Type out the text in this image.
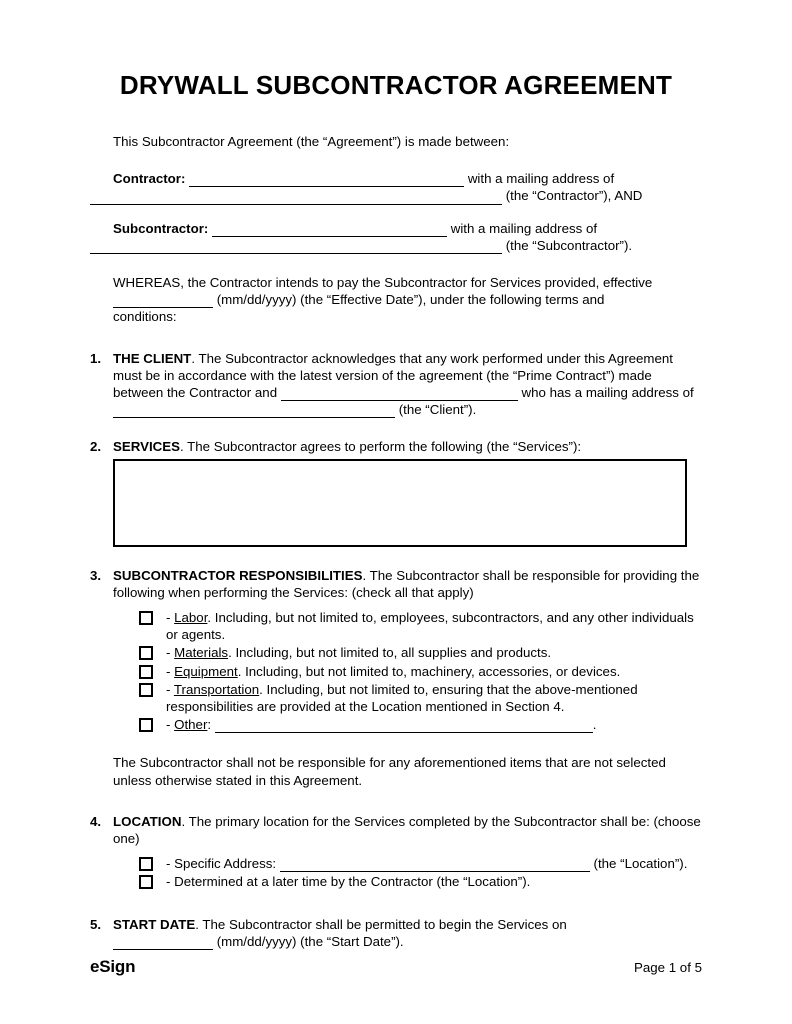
DRYWALL SUBCONTRACTOR AGREEMENT
This Subcontractor Agreement (the “Agreement”) is made between:
Contractor:	with a mailing address of
(the “Contractor”), AND
Subcontractor:	with a mailing address of
(the “Subcontractor”).
WHEREAS, the Contractor intends to pay the Subcontractor for Services provided, effective
(mm/dd/yyyy) (the “Effective Date”), under the following terms and
conditions:
1. THE CLIENT. The Subcontractor acknowledges that any work performed under this Agreement must be in accordance with the latest version of the agreement (the “Prime Contract”) made between the Contractor and	who has a mailing address of  (the “Client”).
2. SERVICES. The Subcontractor agrees to perform the following (the “Services”):
3. SUBCONTRACTOR RESPONSIBILITIES. The Subcontractor shall be responsible for providing the following when performing the Services: (check all that apply)
- Labor. Including, but not limited to, employees, subcontractors, and any other individuals or agents.
- Materials. Including, but not limited to, all supplies and products.
- Equipment. Including, but not limited to, machinery, accessories, or devices.
- Transportation. Including, but not limited to, ensuring that the above-mentioned responsibilities are provided at the Location mentioned in Section 4.
- Other:	.
The Subcontractor shall not be responsible for any aforementioned items that are not selected unless otherwise stated in this Agreement.
4. LOCATION. The primary location for the Services completed by the Subcontractor shall be: (choose one)
- Specific Address:	(the “Location”).
- Determined at a later time by the Contractor (the “Location”).
5. START DATE. The Subcontractor shall be permitted to begin the Services on
(mm/dd/yyyy) (the “Start Date”).
eSign	Page 1 of 5
